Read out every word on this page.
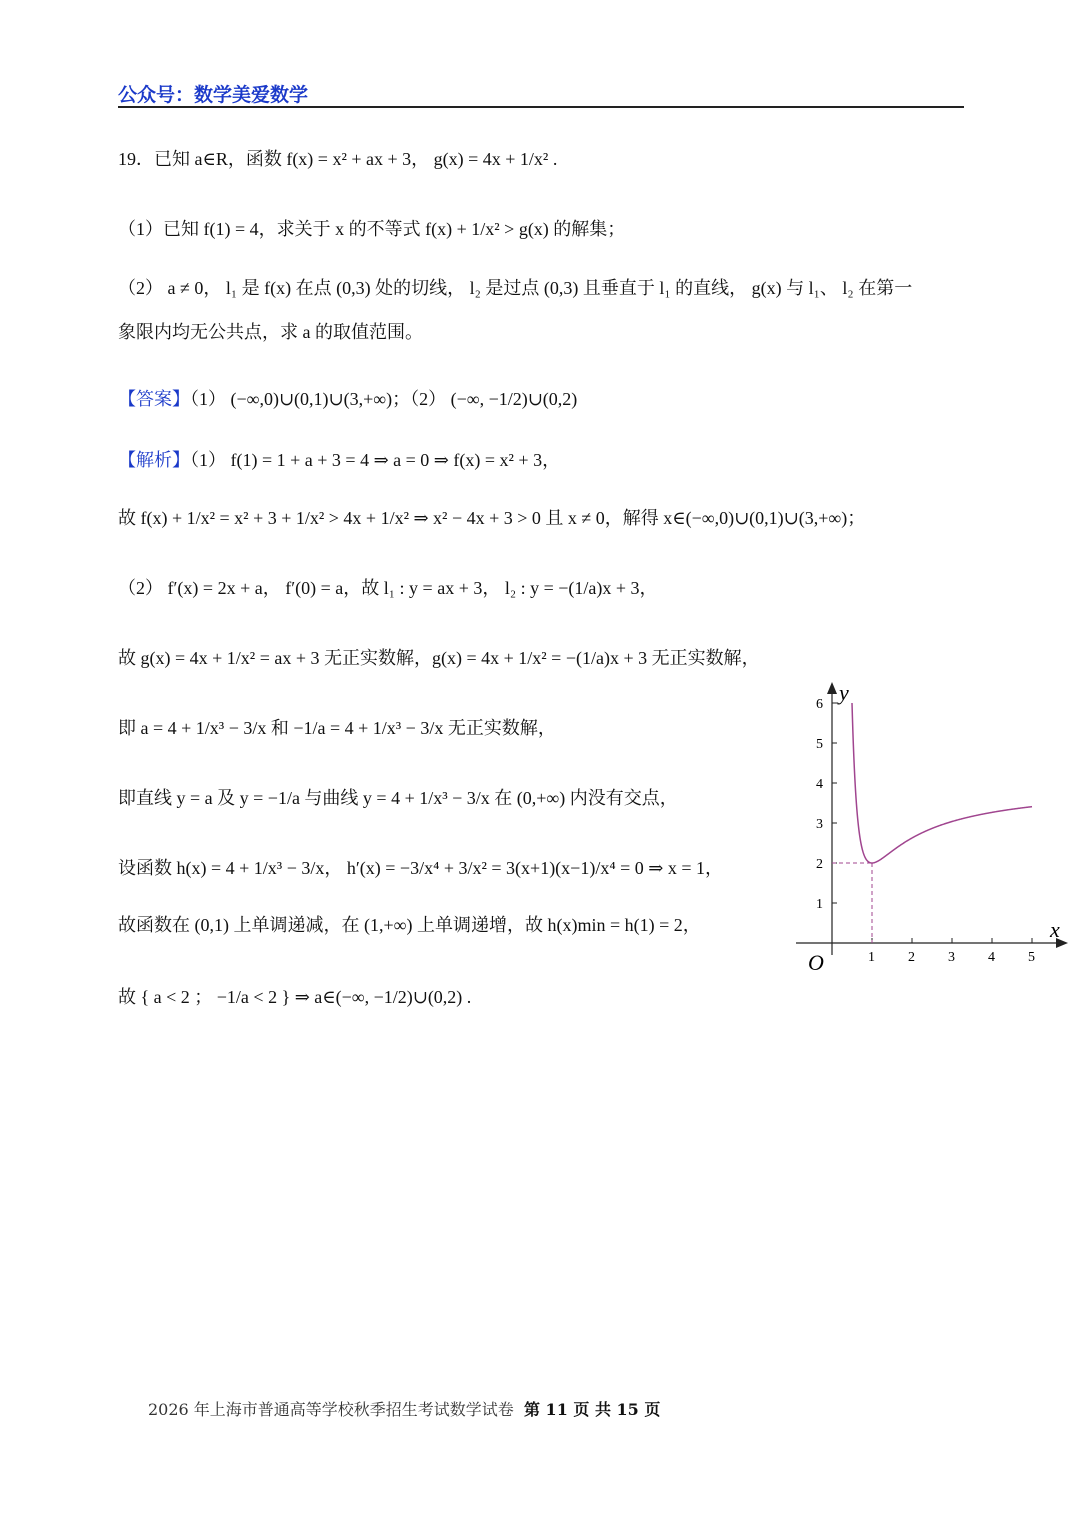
公众号：数学美爱数学
19．已知 a∈R，函数 f(x) = x² + ax + 3， g(x) = 4x + 1/x² .
（1）已知 f(1) = 4，求关于 x 的不等式 f(x) + 1/x² > g(x) 的解集；
（2） a ≠ 0， l₁ 是 f(x) 在点 (0,3) 处的切线， l₂ 是过点 (0,3) 且垂直于 l₁ 的直线， g(x) 与 l₁、 l₂ 在第一
象限内均无公共点，求 a 的取值范围。
【答案】（1） (−∞,0)∪(0,1)∪(3,+∞)；（2） (−∞, −1/2)∪(0,2)
【解析】（1） f(1) = 1 + a + 3 = 4 ⇒ a = 0 ⇒ f(x) = x² + 3，
故 f(x) + 1/x² = x² + 3 + 1/x² > 4x + 1/x² ⇒ x² − 4x + 3 > 0 且 x ≠ 0，解得 x∈(−∞,0)∪(0,1)∪(3,+∞)；
（2） f′(x) = 2x + a， f′(0) = a，故 l₁ : y = ax + 3， l₂ : y = −(1/a)x + 3，
故 g(x) = 4x + 1/x² = ax + 3 无正实数解，g(x) = 4x + 1/x² = −(1/a)x + 3 无正实数解，
即 a = 4 + 1/x³ − 3/x 和 −1/a = 4 + 1/x³ − 3/x 无正实数解，
即直线 y = a 及 y = −1/a 与曲线 y = 4 + 1/x³ − 3/x 在 (0,+∞) 内没有交点，
设函数 h(x) = 4 + 1/x³ − 3/x， h′(x) = −3/x⁴ + 3/x² = 3(x+1)(x−1)/x⁴ = 0 ⇒ x = 1，
故函数在 (0,1) 上单调递减，在 (1,+∞) 上单调递增，故 h(x)min = h(1) = 2，
故 { a < 2 ； −1/a < 2 } ⇒ a∈(−∞, −1/2)∪(0,2) .
1 2 3 4 5
1
2
3
4
5
6
x
y
O
2026 年上海市普通高等学校秋季招生考试数学试卷 第 11 页 共 15 页
